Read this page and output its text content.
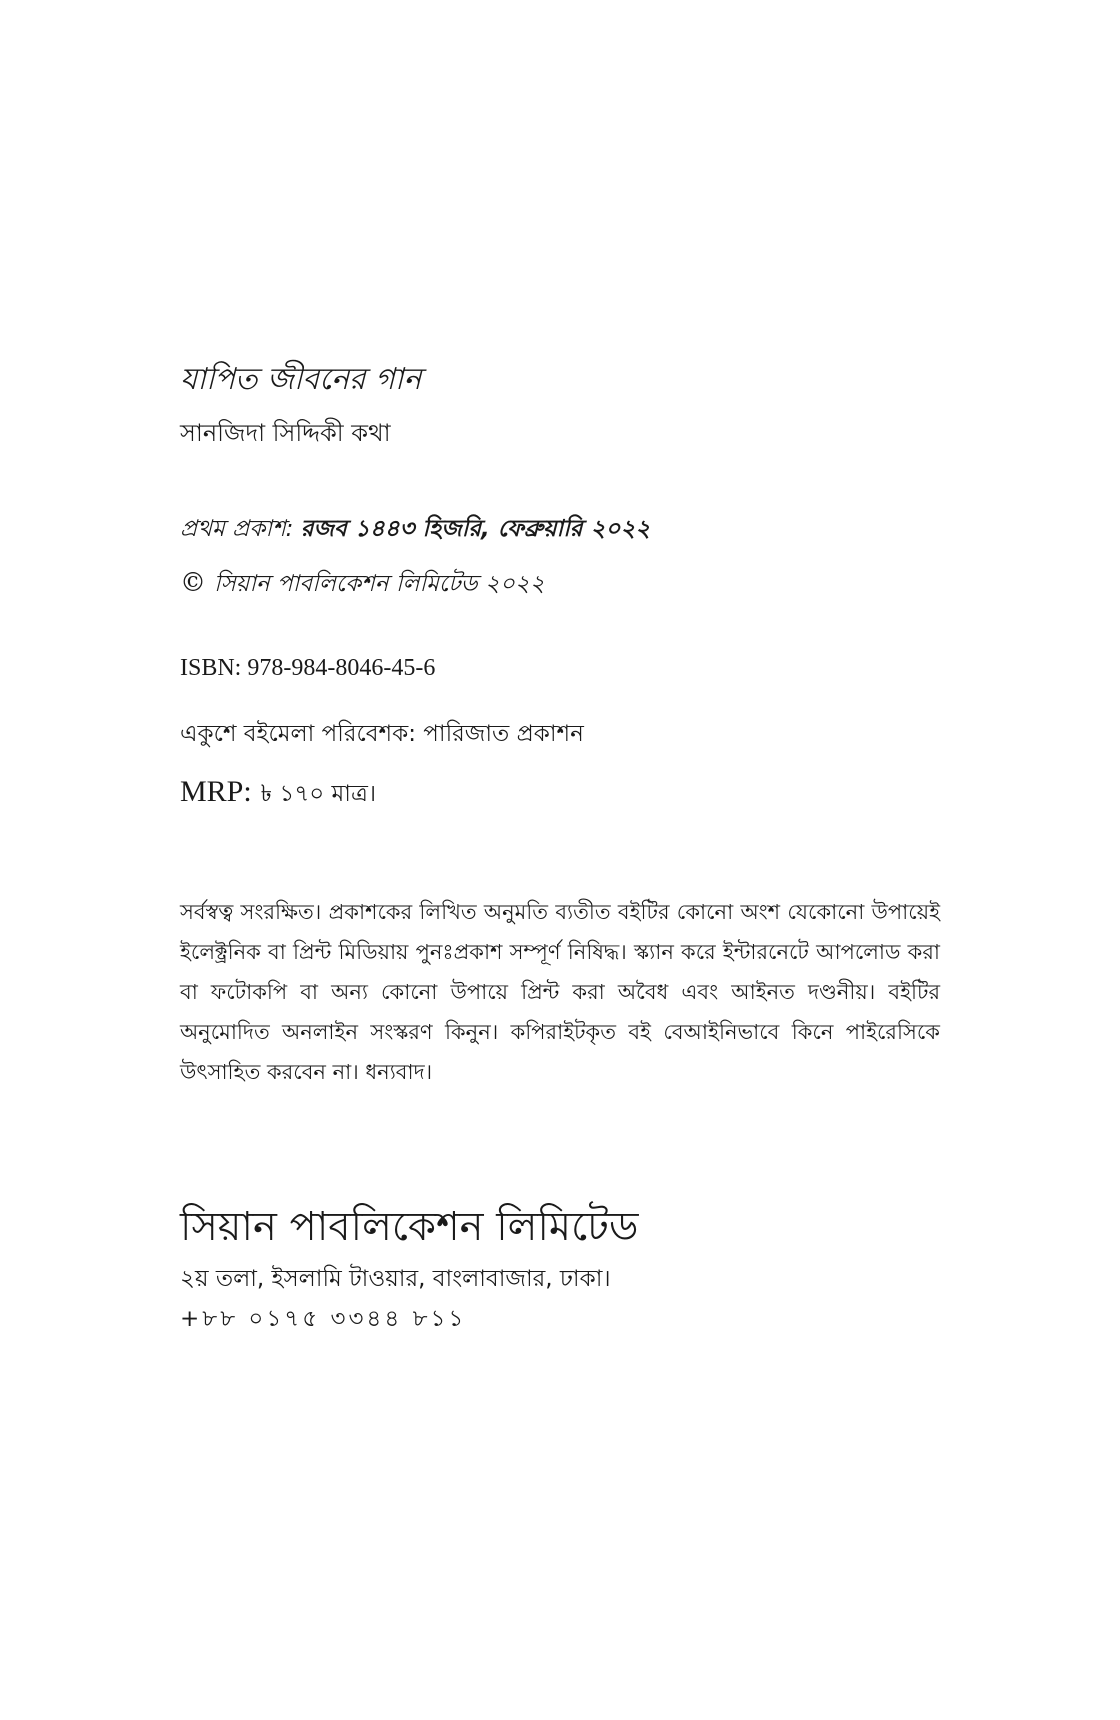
যাপিত জীবনের গান

সানজিদা সিদ্দিকী কথা

প্রথম প্রকাশ: রজব ১৪৪৩ হিজরি, ফেব্রুয়ারি ২০২২

© সিয়ান পাবলিকেশন লিমিটেড ২০২২

ISBN: 978-984-8046-45-6

একুশে বইমেলা পরিবেশক: পারিজাত প্রকাশন

MRP: ৳ ১৭০ মাত্র।

সর্বস্বত্ব সংরক্ষিত। প্রকাশকের লিখিত অনুমতি ব্যতীত বইটির কোনো অংশ যেকোনো উপায়েই ইলেক্ট্রনিক বা প্রিন্ট মিডিয়ায় পুনঃপ্রকাশ সম্পূর্ণ নিষিদ্ধ। স্ক্যান করে ইন্টারনেটে আপলোড করা বা ফটোকপি বা অন্য কোনো উপায়ে প্রিন্ট করা অবৈধ এবং আইনত দণ্ডনীয়। বইটির অনুমোদিত অনলাইন সংস্করণ কিনুন। কপিরাইটকৃত বই বেআইনিভাবে কিনে পাইরেসিকে উৎসাহিত করবেন না। ধন্যবাদ।

সিয়ান পাবলিকেশন লিমিটেড

২য় তলা, ইসলামি টাওয়ার, বাংলাবাজার, ঢাকা।

+৮৮ ০১৭৫ ৩৩৪৪ ৮১১
